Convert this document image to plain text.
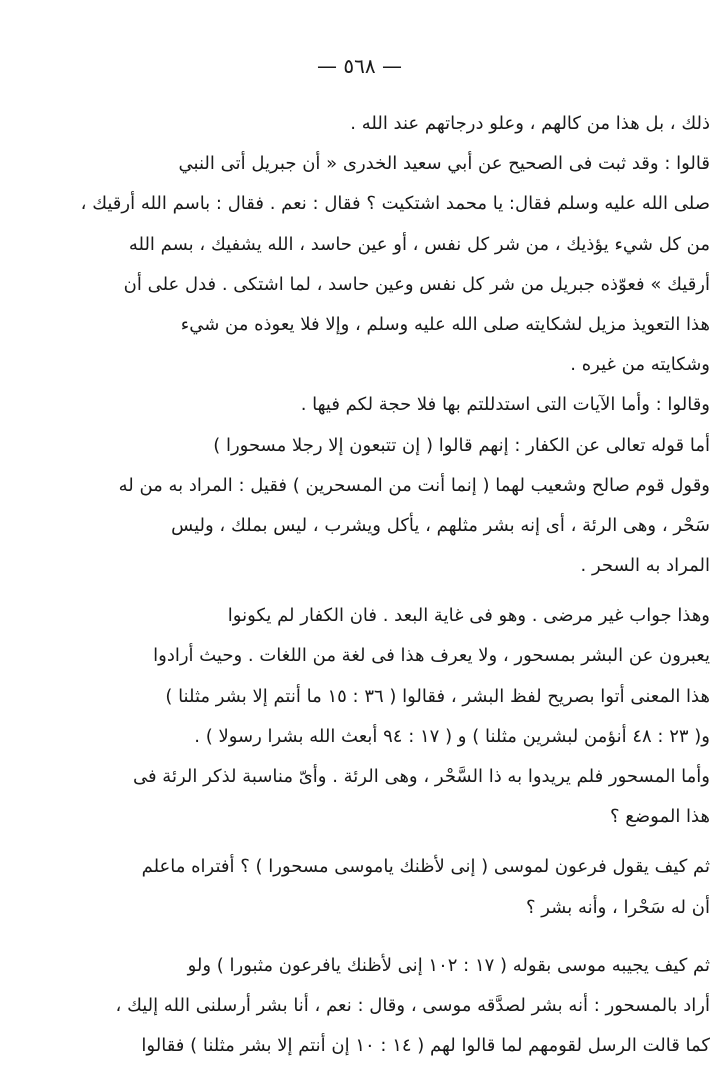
— ٥٦٨ —
ذلك ، بل هذا من كالهم ، وعلو درجاتهم عند الله .
قالوا : وقد ثبت فى الصحيح عن أبي سعيد الخدرى « أن جبريل أتى النبي
صلى الله عليه وسلم فقال: يا محمد اشتكيت ؟ فقال : نعم . فقال : باسم الله أرقيك ،
من كل شيء يؤذيك ، من شر كل نفس ، أو عين حاسد ، الله يشفيك ، بسم الله
أرقيك » فعوّذه جبريل من شر كل نفس وعين حاسد ، لما اشتكى . فدل على أن
هذا التعويذ مزيل لشكايته صلى الله عليه وسلم ، وإلا فلا يعوذه من شيء
وشكايته من غيره .
وقالوا : وأما الآيات التى استدللتم بها فلا حجة لكم فيها .
أما قوله تعالى عن الكفار : إنهم قالوا ( إن تتبعون إلا رجلا مسحورا )
وقول قوم صالح وشعيب لهما ( إنما أنت من المسحرين ) فقيل : المراد به من له
سَحْر ، وهى الرئة ، أى إنه بشر مثلهم ، يأكل ويشرب ، ليس بملك ، وليس
المراد به السحر .
وهذا جواب غير مرضى . وهو فى غاية البعد . فان الكفار لم يكونوا
يعبرون عن البشر بمسحور ، ولا يعرف هذا فى لغة من اللغات . وحيث أرادوا
هذا المعنى أتوا بصريح لفظ البشر ، فقالوا ( ٣٦ : ١٥ ما أنتم إلا بشر مثلنا )
و( ٢٣ : ٤٨ أنؤمن لبشرين مثلنا ) و ( ١٧ : ٩٤ أبعث الله بشرا رسولا ) .
وأما المسحور فلم يريدوا به ذا السَّحْر ، وهى الرئة . وأىّ مناسبة لذكر الرئة فى
هذا الموضع ؟
ثم كيف يقول فرعون لموسى ( إنى لأظنك ياموسى مسحورا ) ؟ أفتراه ماعلم
أن له سَحْرا ، وأنه بشر ؟
ثم كيف يجيبه موسى بقوله ( ١٧ : ١٠٢ إنى لأظنك يافرعون مثبورا ) ولو
أراد بالمسحور : أنه بشر لصدَّقه موسى ، وقال : نعم ، أنا بشر أرسلنى الله إليك ،
كما قالت الرسل لقومهم لما قالوا لهم ( ١٤ : ١٠ إن أنتم إلا بشر مثلنا ) فقالوا
